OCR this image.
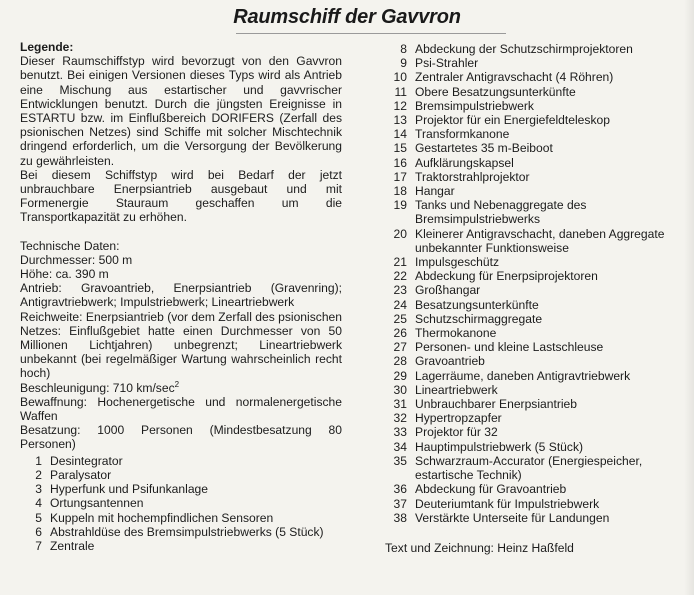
Raumschiff der Gavvron
Legende:

Dieser Raumschiffstyp wird bevorzugt von den Gavvron benutzt. Bei einigen Versionen dieses Typs wird als Antrieb eine Mischung aus estartischer und gavvrischer Entwicklungen benutzt. Durch die jüngsten Ereignisse in ESTARTU bzw. im Einflußbereich DORIFERS (Zerfall des psionischen Netzes) sind Schiffe mit solcher Mischtechnik dringend erforderlich, um die Versorgung der Bevölkerung zu gewährleisten.

Bei diesem Schiffstyp wird bei Bedarf der jetzt unbrauchbare Enerpsiantrieb ausgebaut und mit Formenergie Stauraum geschaffen um die Transportkapazität zu erhöhen.

Technische Daten:

Durchmesser: 500 m

Höhe: ca. 390 m

Antrieb: Gravoantrieb, Enerpsiantrieb (Gravenring); Antigravtriebwerk; Impulstriebwerk; Lineartriebwerk

Reichweite: Enerpsiantrieb (vor dem Zerfall des psionischen Netzes: Einflußgebiet hatte einen Durchmesser von 50 Millionen Lichtjahren) unbegrenzt; Lineartriebwerk unbekannt (bei regelmäßiger Wartung wahrscheinlich recht hoch)

Beschleunigung: 710 $km/\sec^2$

Bewaffnung: Hochenergetische und normalenergetische Waffen

Besatzung: 1000 Personen (Mindestbesatzung 80 Personen)

1 Desintegrator
2 Paralysator
3 Hyperfunk und Psifunkanlage
4 Ortungsantennen
5 Kuppeln mit hochempfindlichen Sensoren
6 Abstrahldüse des Bremsimpulstriebwerks (5 Stück)
7 Zentrale
8 Abdeckung der Schutzschirmprojektoren
9 Psi-Strahler
10 Zentraler Antigravschacht (4 Röhren)
11 Obere Besatzungsunterkünfte
12 Bremsimpulstriebwerk
13 Projektor für ein Energiefeldteleskop
14 Transformkanone
15 Gestartetes 35 m-Beiboot
16 Aufklärungskapsel
17 Traktorstrahlprojektor
18 Hangar
19 Tanks und Nebenaggregate des Bremsimpulstriebwerks
20 Kleinerer Antigravschacht, daneben Aggregate unbekannter Funktionsweise
21 Impulsgeschütz
22 Abdeckung für Enerpsiprojektoren
23 Großhangar
24 Besatzungsunterkünfte
25 Schutzschirmaggregate
26 Thermokanone
27 Personen- und kleine Lastschleuse
28 Gravoantrieb
29 Lagerräume, daneben Antigravtriebwerk
30 Lineartriebwerk
31 Unbrauchbarer Enerpsiantrieb
32 Hypertropzapfer
33 Projektor für 32
34 Hauptimpulstriebwerk (5 Stück)
35 Schwarzraum-Accurator (Energiespeicher, estartische Technik)
36 Abdeckung für Gravoantrieb
37 Deuteriumtank für Impulstriebwerk
38 Verstärkte Unterseite für Landungen
Text und Zeichnung: Heinz Haßfeld
